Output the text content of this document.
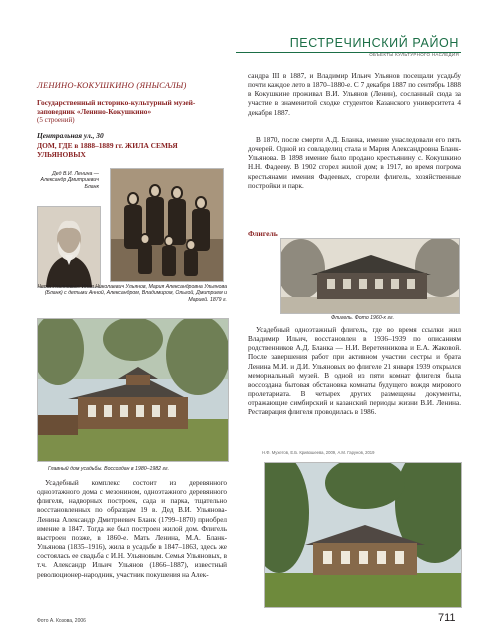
ПЕСТРЕЧИНСКИЙ РАЙОН
ОБЪЕКТЫ КУЛЬТУРНОГО НАСЛЕДИЯ
ЛЕНИНО-КОКУШКИНО (ЯНЫСАЛЫ)
Государственный историко-культурный музей-заповедник «Ленино-Кокушкино»
(5 строений)
Центральная ул., 30
ДОМ, ГДЕ в 1888–1889 гг. ЖИЛА СЕМЬЯ УЛЬЯНОВЫХ
Дед В.И. Ленина — Александр Дмитриевич Бланк
Чета Ульяновых: Илья Николаевич Ульянов, Мария Александровна Ульянова (Бланк) с детьми Анной, Александром, Владимиром, Ольгой, Дмитрием и Марией. 1879 г.
Главный дом усадьбы. Воссоздан в 1980–1982 гг.

Усадебный комплекс состоит из деревянного одноэтажного дома с мезонином, одноэтажного деревянного флигеля, надворных построек, сада и парка, тщательно восстановленных по образцам 19 в. Дед В.И. Ульянова-Ленина Александр Дмитриевич Бланк (1799–1870) приобрел имение в 1847. Тогда же был построен жилой дом. Флигель выстроен позже, в 1860-е. Мать Ленина, М.А. Бланк-Ульянова (1835–1916), жила в усадьбе в 1847–1863, здесь же состоялась ее свадьба с И.Н. Ульяновым. Семья Ульяновых, в т.ч. Александр Ильич Ульянов (1866–1887), известный революционер-народник, участник покушения на Алек-

сандра III в 1887, и Владимир Ильич Ульянов посещали усадьбу почти каждое лето в 1870–1880-е. С 7 декабря 1887 по сентябрь 1888 в Кокушкине проживал В.И. Ульянов (Ленин), сосланный сюда за участие в знаменитой сходке студентов Казанского университета 4 декабря 1887.

В 1870, после смерти А.Д. Бланка, имение унаследовали его пять дочерей. Одной из совладелиц стала и Мария Александровна Бланк-Ульянова. В 1898 имение было продано крестьянину с. Кокушкино Н.Н. Фадееву. В 1902 сгорел жилой дом; в 1917, во время погрома крестьянами имения Фадеевых, сгорели флигель, хозяйственные постройки и парк.

Флигель
Флигель. Фото 1960-х гг.

Усадебный одноэтажный флигель, где во время ссылки жил Владимир Ильич, восстановлен в 1936–1939 по описаниям родственников А.Д. Бланка — Н.И. Веретенникова и Е.А. Жаковой. После завершения работ при активном участии сестры и брата Ленина М.И. и Д.И. Ульяновых во флигеле 21 января 1939 открылся мемориальный музей. В одной из пяти комнат флигеля была воссоздана бытовая обстановка комнаты будущего вождя мирового пролетариата. В четырех других размещены документы, отражающие симбирский и казанский периоды жизни В.И. Ленина. Реставрация флигеля проводилась в 1986.

Н.Ф. Мухетов, Е.Б. Кривошеева, 2009, А.М. Гарунов, 2019
Фото А. Козова, 2006	711
